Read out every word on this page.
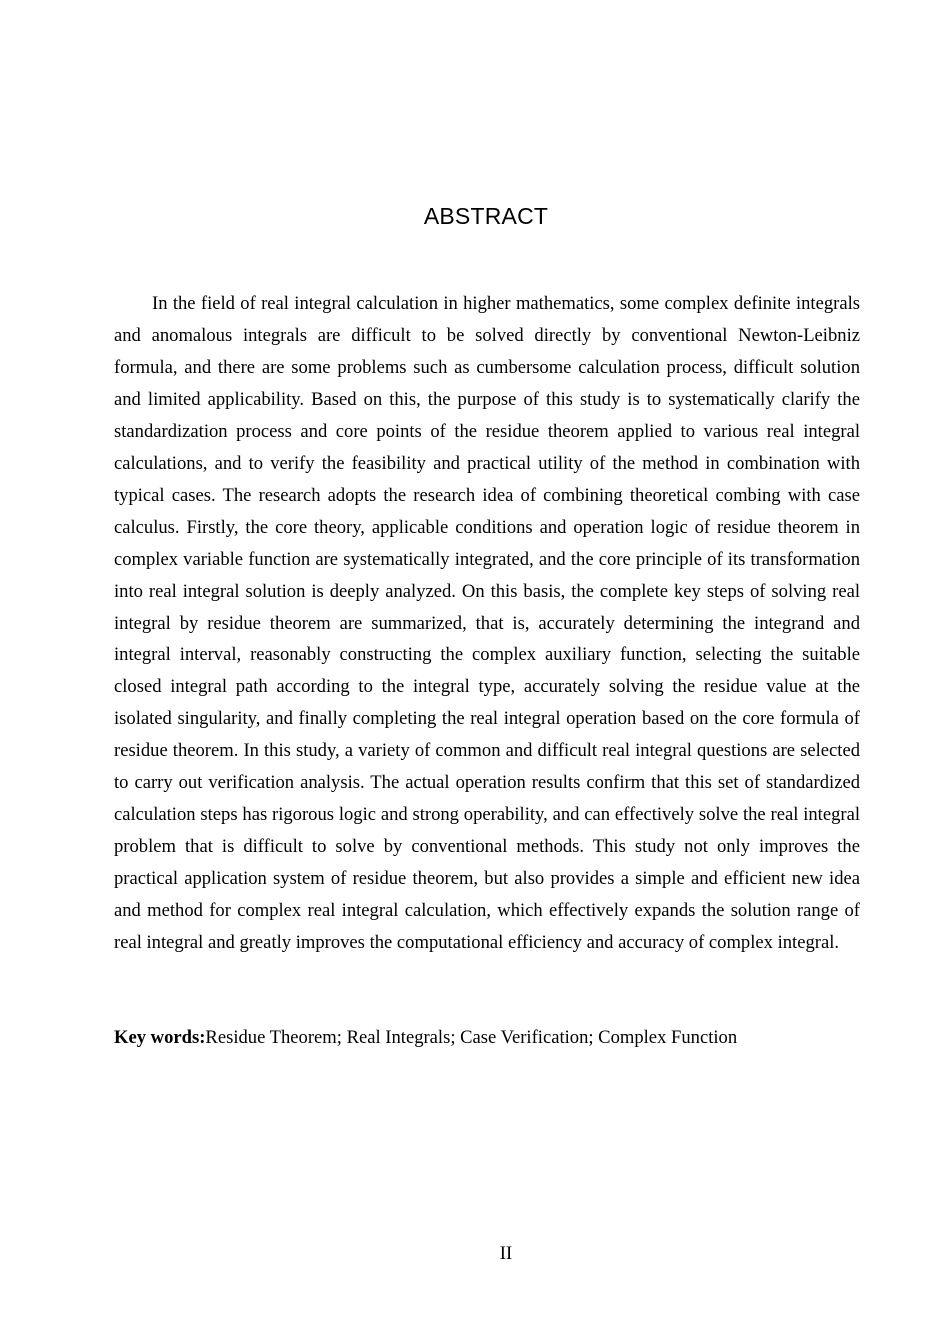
ABSTRACT

In the field of real integral calculation in higher mathematics, some complex definite integrals and anomalous integrals are difficult to be solved directly by conventional Newton-Leibniz formula, and there are some problems such as cumbersome calculation process, difficult solution and limited applicability. Based on this, the purpose of this study is to systematically clarify the standardization process and core points of the residue theorem applied to various real integral calculations, and to verify the feasibility and practical utility of the method in combination with typical cases. The research adopts the research idea of combining theoretical combing with case calculus. Firstly, the core theory, applicable conditions and operation logic of residue theorem in complex variable function are systematically integrated, and the core principle of its transformation into real integral solution is deeply analyzed. On this basis, the complete key steps of solving real integral by residue theorem are summarized, that is, accurately determining the integrand and integral interval, reasonably constructing the complex auxiliary function, selecting the suitable closed integral path according to the integral type, accurately solving the residue value at the isolated singularity, and finally completing the real integral operation based on the core formula of residue theorem. In this study, a variety of common and difficult real integral questions are selected to carry out verification analysis. The actual operation results confirm that this set of standardized calculation steps has rigorous logic and strong operability, and can effectively solve the real integral problem that is difficult to solve by conventional methods. This study not only improves the practical application system of residue theorem, but also provides a simple and efficient new idea and method for complex real integral calculation, which effectively expands the solution range of real integral and greatly improves the computational efficiency and accuracy of complex integral.

Key words:Residue Theorem; Real Integrals; Case Verification; Complex Function

II
